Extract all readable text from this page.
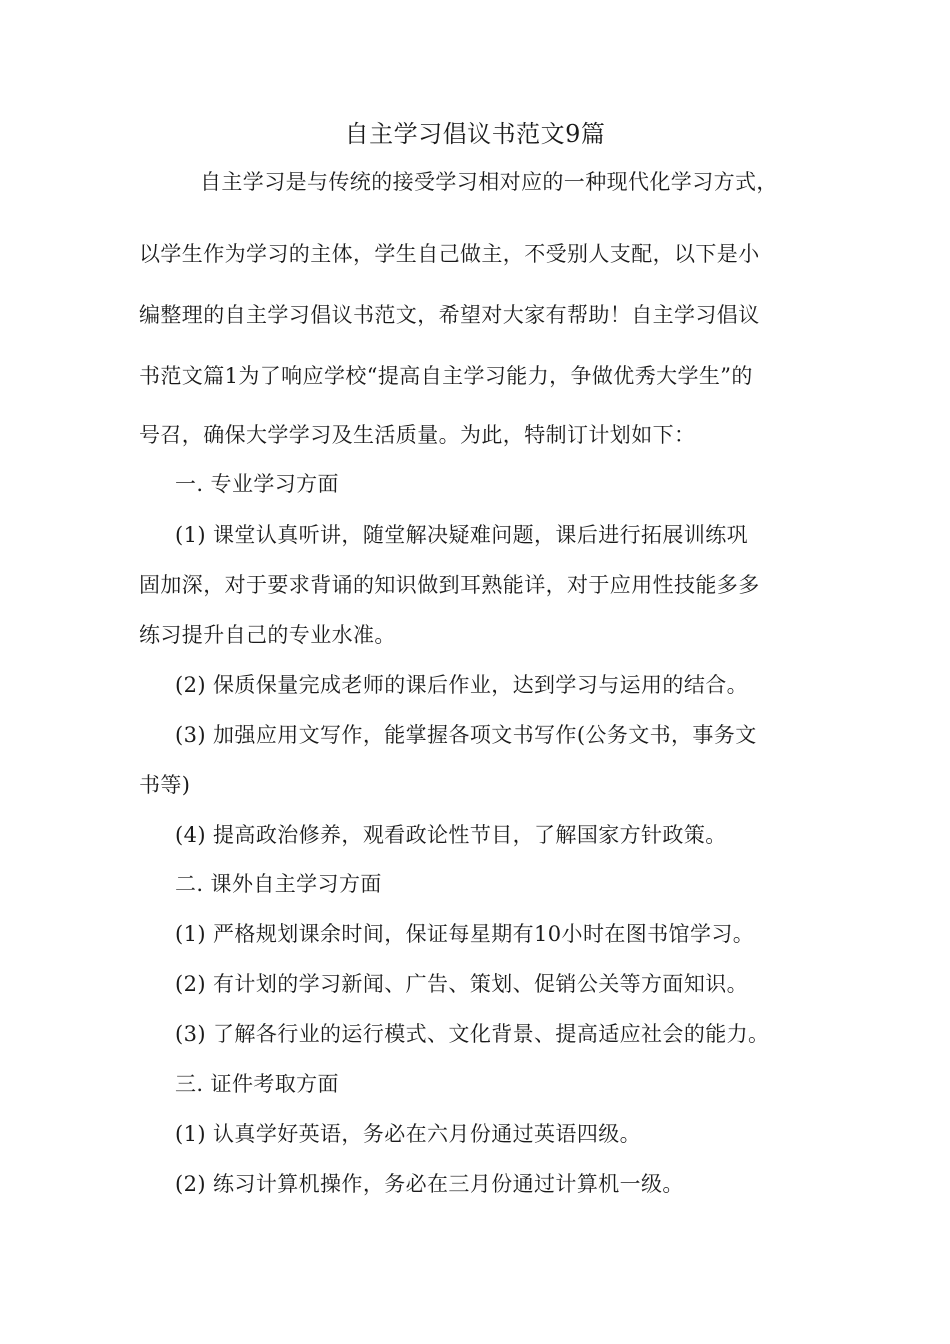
自主学习倡议书范文9篇

自主学习是与传统的接受学习相对应的一种现代化学习方式，

以学生作为学习的主体，学生自己做主，不受别人支配，以下是小

编整理的自主学习倡议书范文，希望对大家有帮助！自主学习倡议

书范文篇1为了响应学校“提高自主学习能力，争做优秀大学生”的

号召，确保大学学习及生活质量。为此，特制订计划如下：

一. 专业学习方面

(1) 课堂认真听讲，随堂解决疑难问题，课后进行拓展训练巩

固加深，对于要求背诵的知识做到耳熟能详，对于应用性技能多多

练习提升自己的专业水准。

(2) 保质保量完成老师的课后作业，达到学习与运用的结合。

(3) 加强应用文写作，能掌握各项文书写作(公务文书，事务文

书等)

(4) 提高政治修养，观看政论性节目，了解国家方针政策。

二. 课外自主学习方面

(1) 严格规划课余时间，保证每星期有10小时在图书馆学习。

(2) 有计划的学习新闻、广告、策划、促销公关等方面知识。

(3) 了解各行业的运行模式、文化背景、提高适应社会的能力。

三. 证件考取方面

(1) 认真学好英语，务必在六月份通过英语四级。

(2) 练习计算机操作，务必在三月份通过计算机一级。
